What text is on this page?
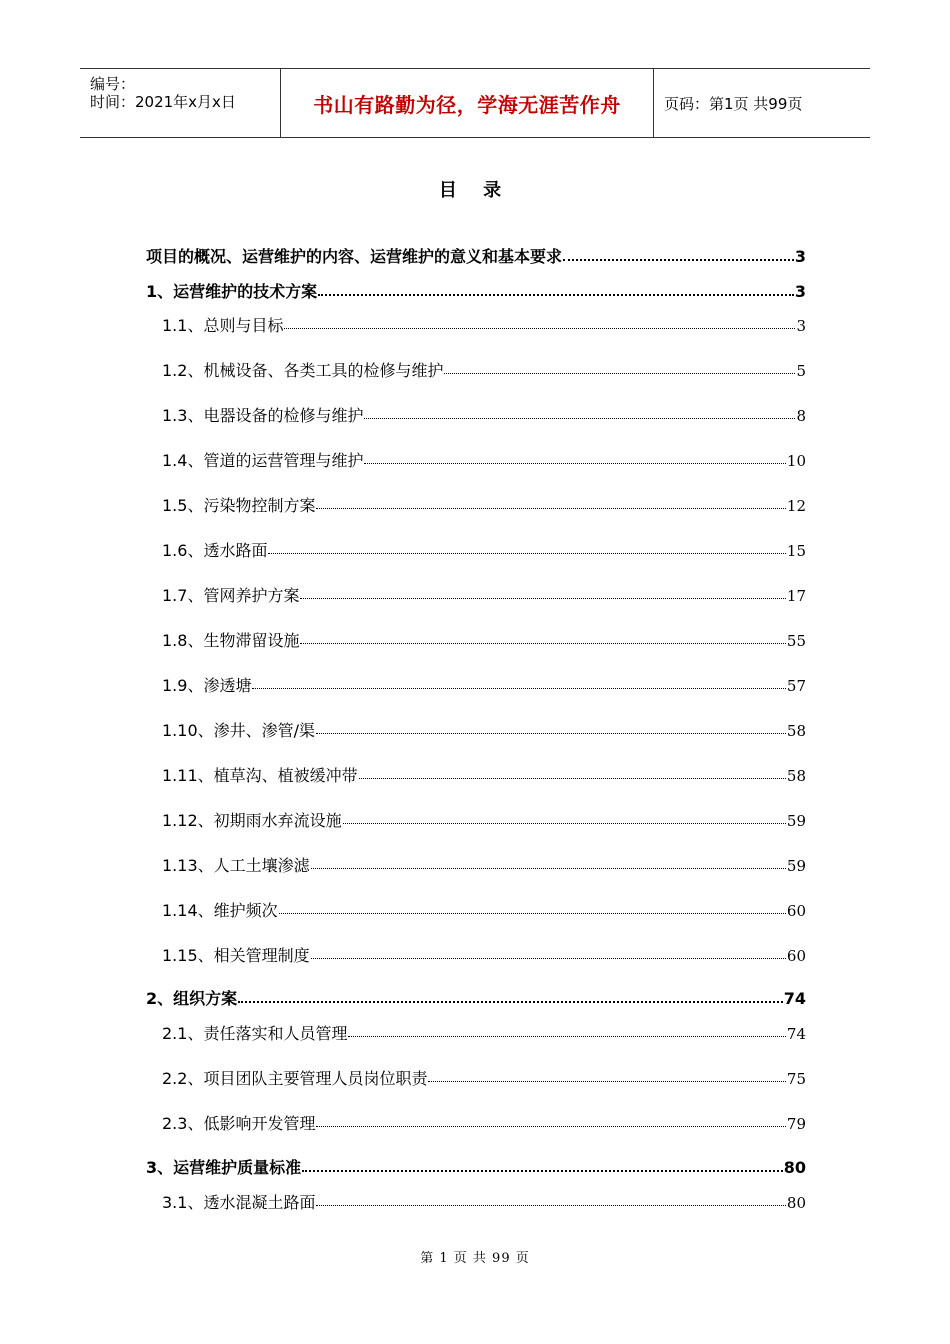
编号：
时间：2021年x月x日	书山有路勤为径，学海无涯苦作舟	页码：第1页 共99页
目 录
项目的概况、运营维护的内容、运营维护的意义和基本要求	3
1、运营维护的技术方案	3
1.1、总则与目标	3
1.2、机械设备、各类工具的检修与维护	5
1.3、电器设备的检修与维护	8
1.4、管道的运营管理与维护	10
1.5、污染物控制方案	12
1.6、透水路面	15
1.7、管网养护方案	17
1.8、生物滞留设施	55
1.9、渗透塘	57
1.10、渗井、渗管/渠	58
1.11、植草沟、植被缓冲带	58
1.12、初期雨水弃流设施	59
1.13、人工土壤渗滤	59
1.14、维护频次	60
1.15、相关管理制度	60
2、组织方案	74
2.1、责任落实和人员管理	74
2.2、项目团队主要管理人员岗位职责	75
2.3、低影响开发管理	79
3、运营维护质量标准	80
3.1、透水混凝土路面	80
第 1 页 共 99 页
